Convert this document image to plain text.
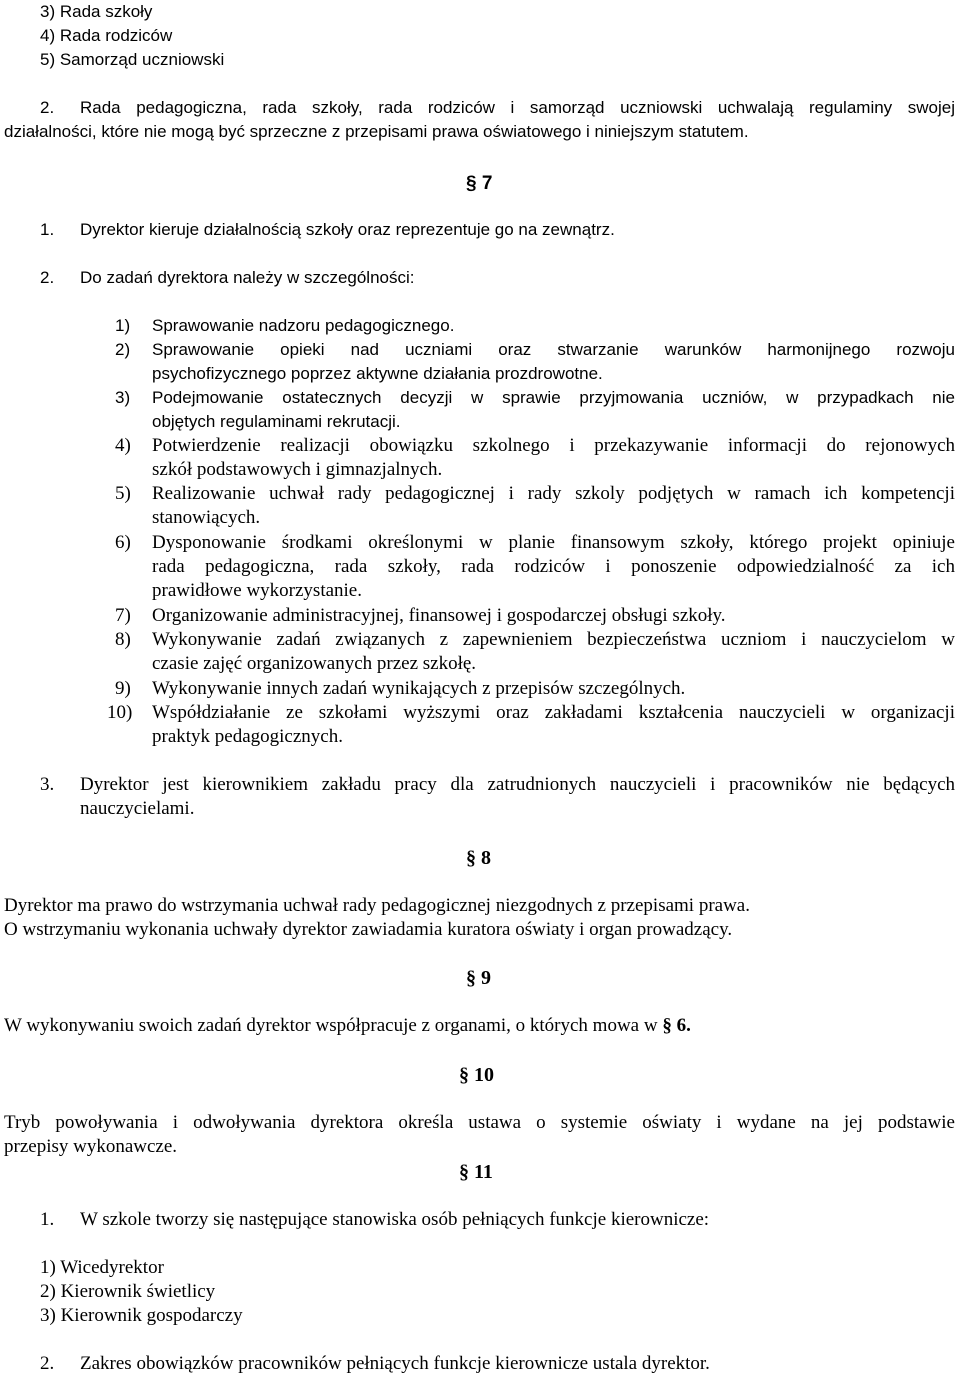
3) Rada szkoły

4) Rada rodziców

5) Samorząd uczniowski

2. Rada pedagogiczna, rada szkoły, rada rodziców i samorząd uczniowski uchwalają regulaminy swojej

działalności, które nie mogą być sprzeczne z przepisami prawa oświatowego i niniejszym statutem.

§ 7

1. Dyrektor kieruje działalnością szkoły oraz reprezentuje go na zewnątrz.

2. Do zadań dyrektora należy w szczególności:

1) Sprawowanie nadzoru pedagogicznego.

2) Sprawowanie opieki nad uczniami oraz stwarzanie warunków harmonijnego rozwoju

psychofizycznego poprzez aktywne działania prozdrowotne.

3) Podejmowanie ostatecznych decyzji w sprawie przyjmowania uczniów, w przypadkach nie

objętych regulaminami rekrutacji.

4) Potwierdzenie realizacji obowiązku szkolnego i przekazywanie informacji do rejonowych

szkół podstawowych i gimnazjalnych.

5) Realizowanie uchwał rady pedagogicznej i rady szkoly podjętych w ramach ich kompetencji

stanowiących.

6) Dysponowanie środkami określonymi w planie finansowym szkoły, którego projekt opiniuje

rada pedagogiczna, rada szkoły, rada rodziców i ponoszenie odpowiedzialność za ich

prawidłowe wykorzystanie.

7) Organizowanie administracyjnej, finansowej i gospodarczej obsługi szkoły.

8) Wykonywanie zadań związanych z zapewnieniem bezpieczeństwa uczniom i nauczycielom w

czasie zajęć organizowanych przez szkołę.

9) Wykonywanie innych zadań wynikających z przepisów szczególnych.

10) Współdziałanie ze szkołami wyższymi oraz zakładami kształcenia nauczycieli w organizacji

praktyk pedagogicznych.

3. Dyrektor jest kierownikiem zakładu pracy dla zatrudnionych nauczycieli i pracowników nie będących

nauczycielami.

§ 8

Dyrektor ma prawo do wstrzymania uchwał rady pedagogicznej niezgodnych z przepisami prawa.

O wstrzymaniu wykonania uchwały dyrektor zawiadamia kuratora oświaty i organ prowadzący.

§ 9

W wykonywaniu swoich zadań dyrektor współpracuje z organami, o których mowa w § 6.

§ 10

Tryb powoływania i odwoływania dyrektora określa ustawa o systemie oświaty i wydane na jej podstawie

przepisy wykonawcze.

§ 11

1. W szkole tworzy się następujące stanowiska osób pełniących funkcje kierownicze:

1) Wicedyrektor

2) Kierownik świetlicy

3) Kierownik gospodarczy

2. Zakres obowiązków pracowników pełniących funkcje kierownicze ustala dyrektor.
